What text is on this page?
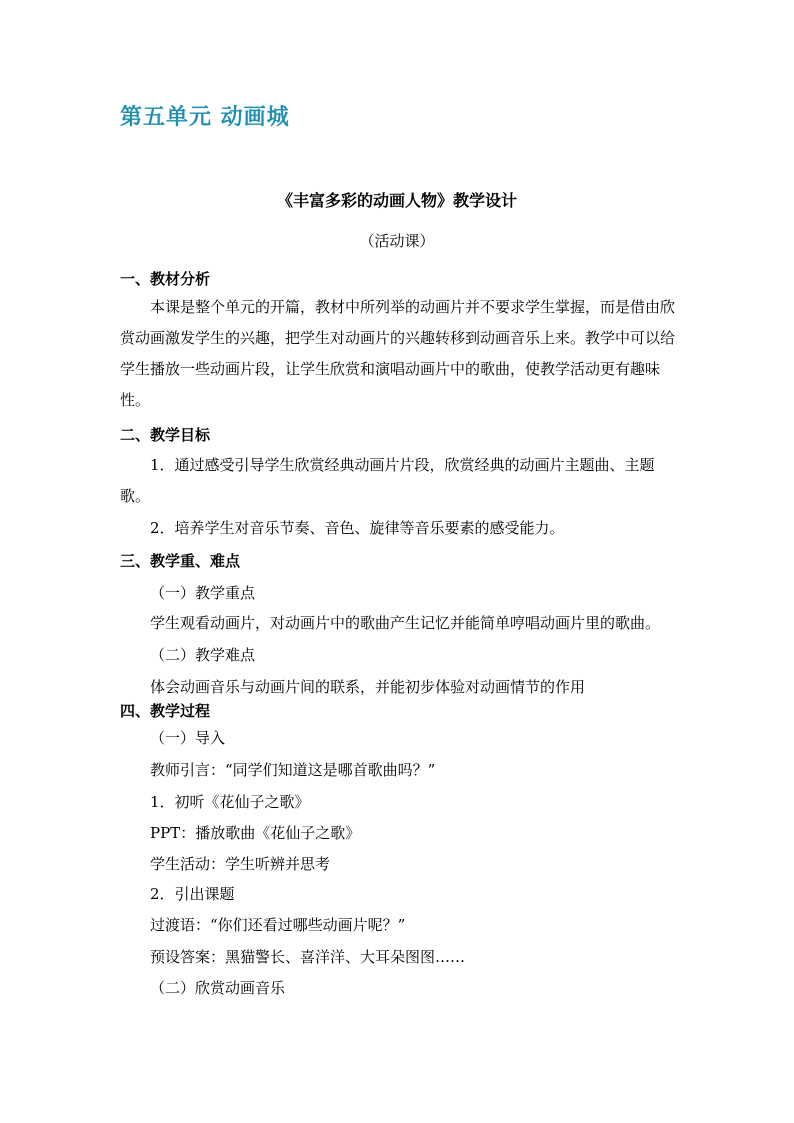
第五单元 动画城
《丰富多彩的动画人物》教学设计

（活动课）

一、教材分析

本课是整个单元的开篇，教材中所列举的动画片并不要求学生掌握，而是借由欣赏动画激发学生的兴趣，把学生对动画片的兴趣转移到动画音乐上来。教学中可以给学生播放一些动画片段，让学生欣赏和演唱动画片中的歌曲，使教学活动更有趣味性。

二、教学目标

1．通过感受引导学生欣赏经典动画片片段，欣赏经典的动画片主题曲、主题歌。

2．培养学生对音乐节奏、音色、旋律等音乐要素的感受能力。

三、教学重、难点

（一）教学重点

学生观看动画片，对动画片中的歌曲产生记忆并能简单哼唱动画片里的歌曲。

（二）教学难点

体会动画音乐与动画片间的联系，并能初步体验对动画情节的作用

四、教学过程

（一）导入

教师引言：“同学们知道这是哪首歌曲吗？”

1．初听《花仙子之歌》

PPT：播放歌曲《花仙子之歌》

学生活动：学生听辨并思考

2．引出课题

过渡语：“你们还看过哪些动画片呢？”

预设答案：黑猫警长、喜洋洋、大耳朵图图……

（二）欣赏动画音乐
